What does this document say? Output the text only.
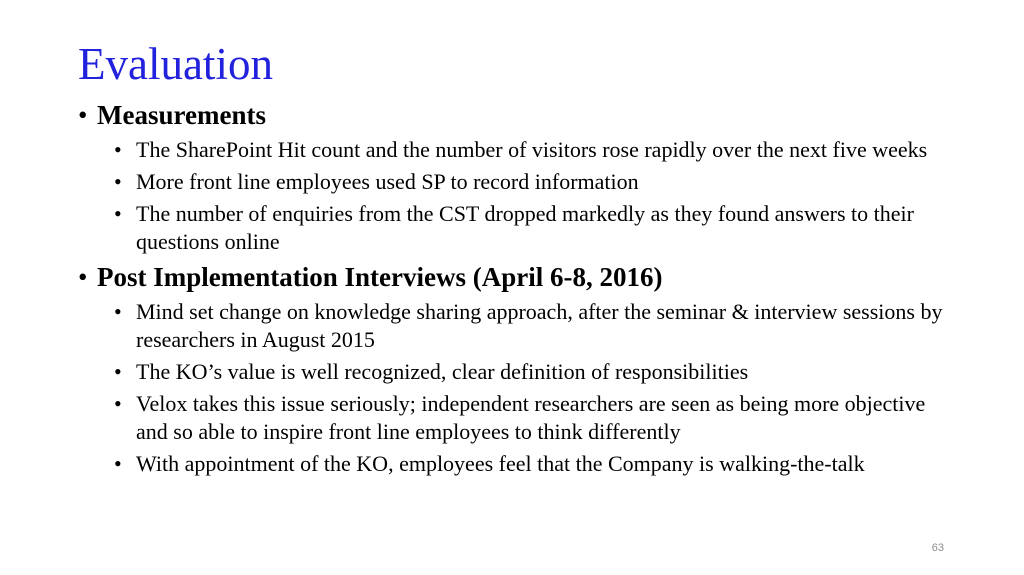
Evaluation
• Measurements
• The SharePoint Hit count and the number of visitors rose rapidly over the next five weeks
• More front line employees used SP to record information
• The number of enquiries from the CST dropped markedly as they found answers to their questions online
• Post Implementation Interviews (April 6-8, 2016)
• Mind set change on knowledge sharing approach, after the seminar & interview sessions by researchers in August 2015
• The KO’s value is well recognized, clear definition of responsibilities
• Velox takes this issue seriously; independent researchers are seen as being more objective and so able to inspire front line employees to think differently
• With appointment of the KO, employees feel that the Company is walking-the-talk
63
